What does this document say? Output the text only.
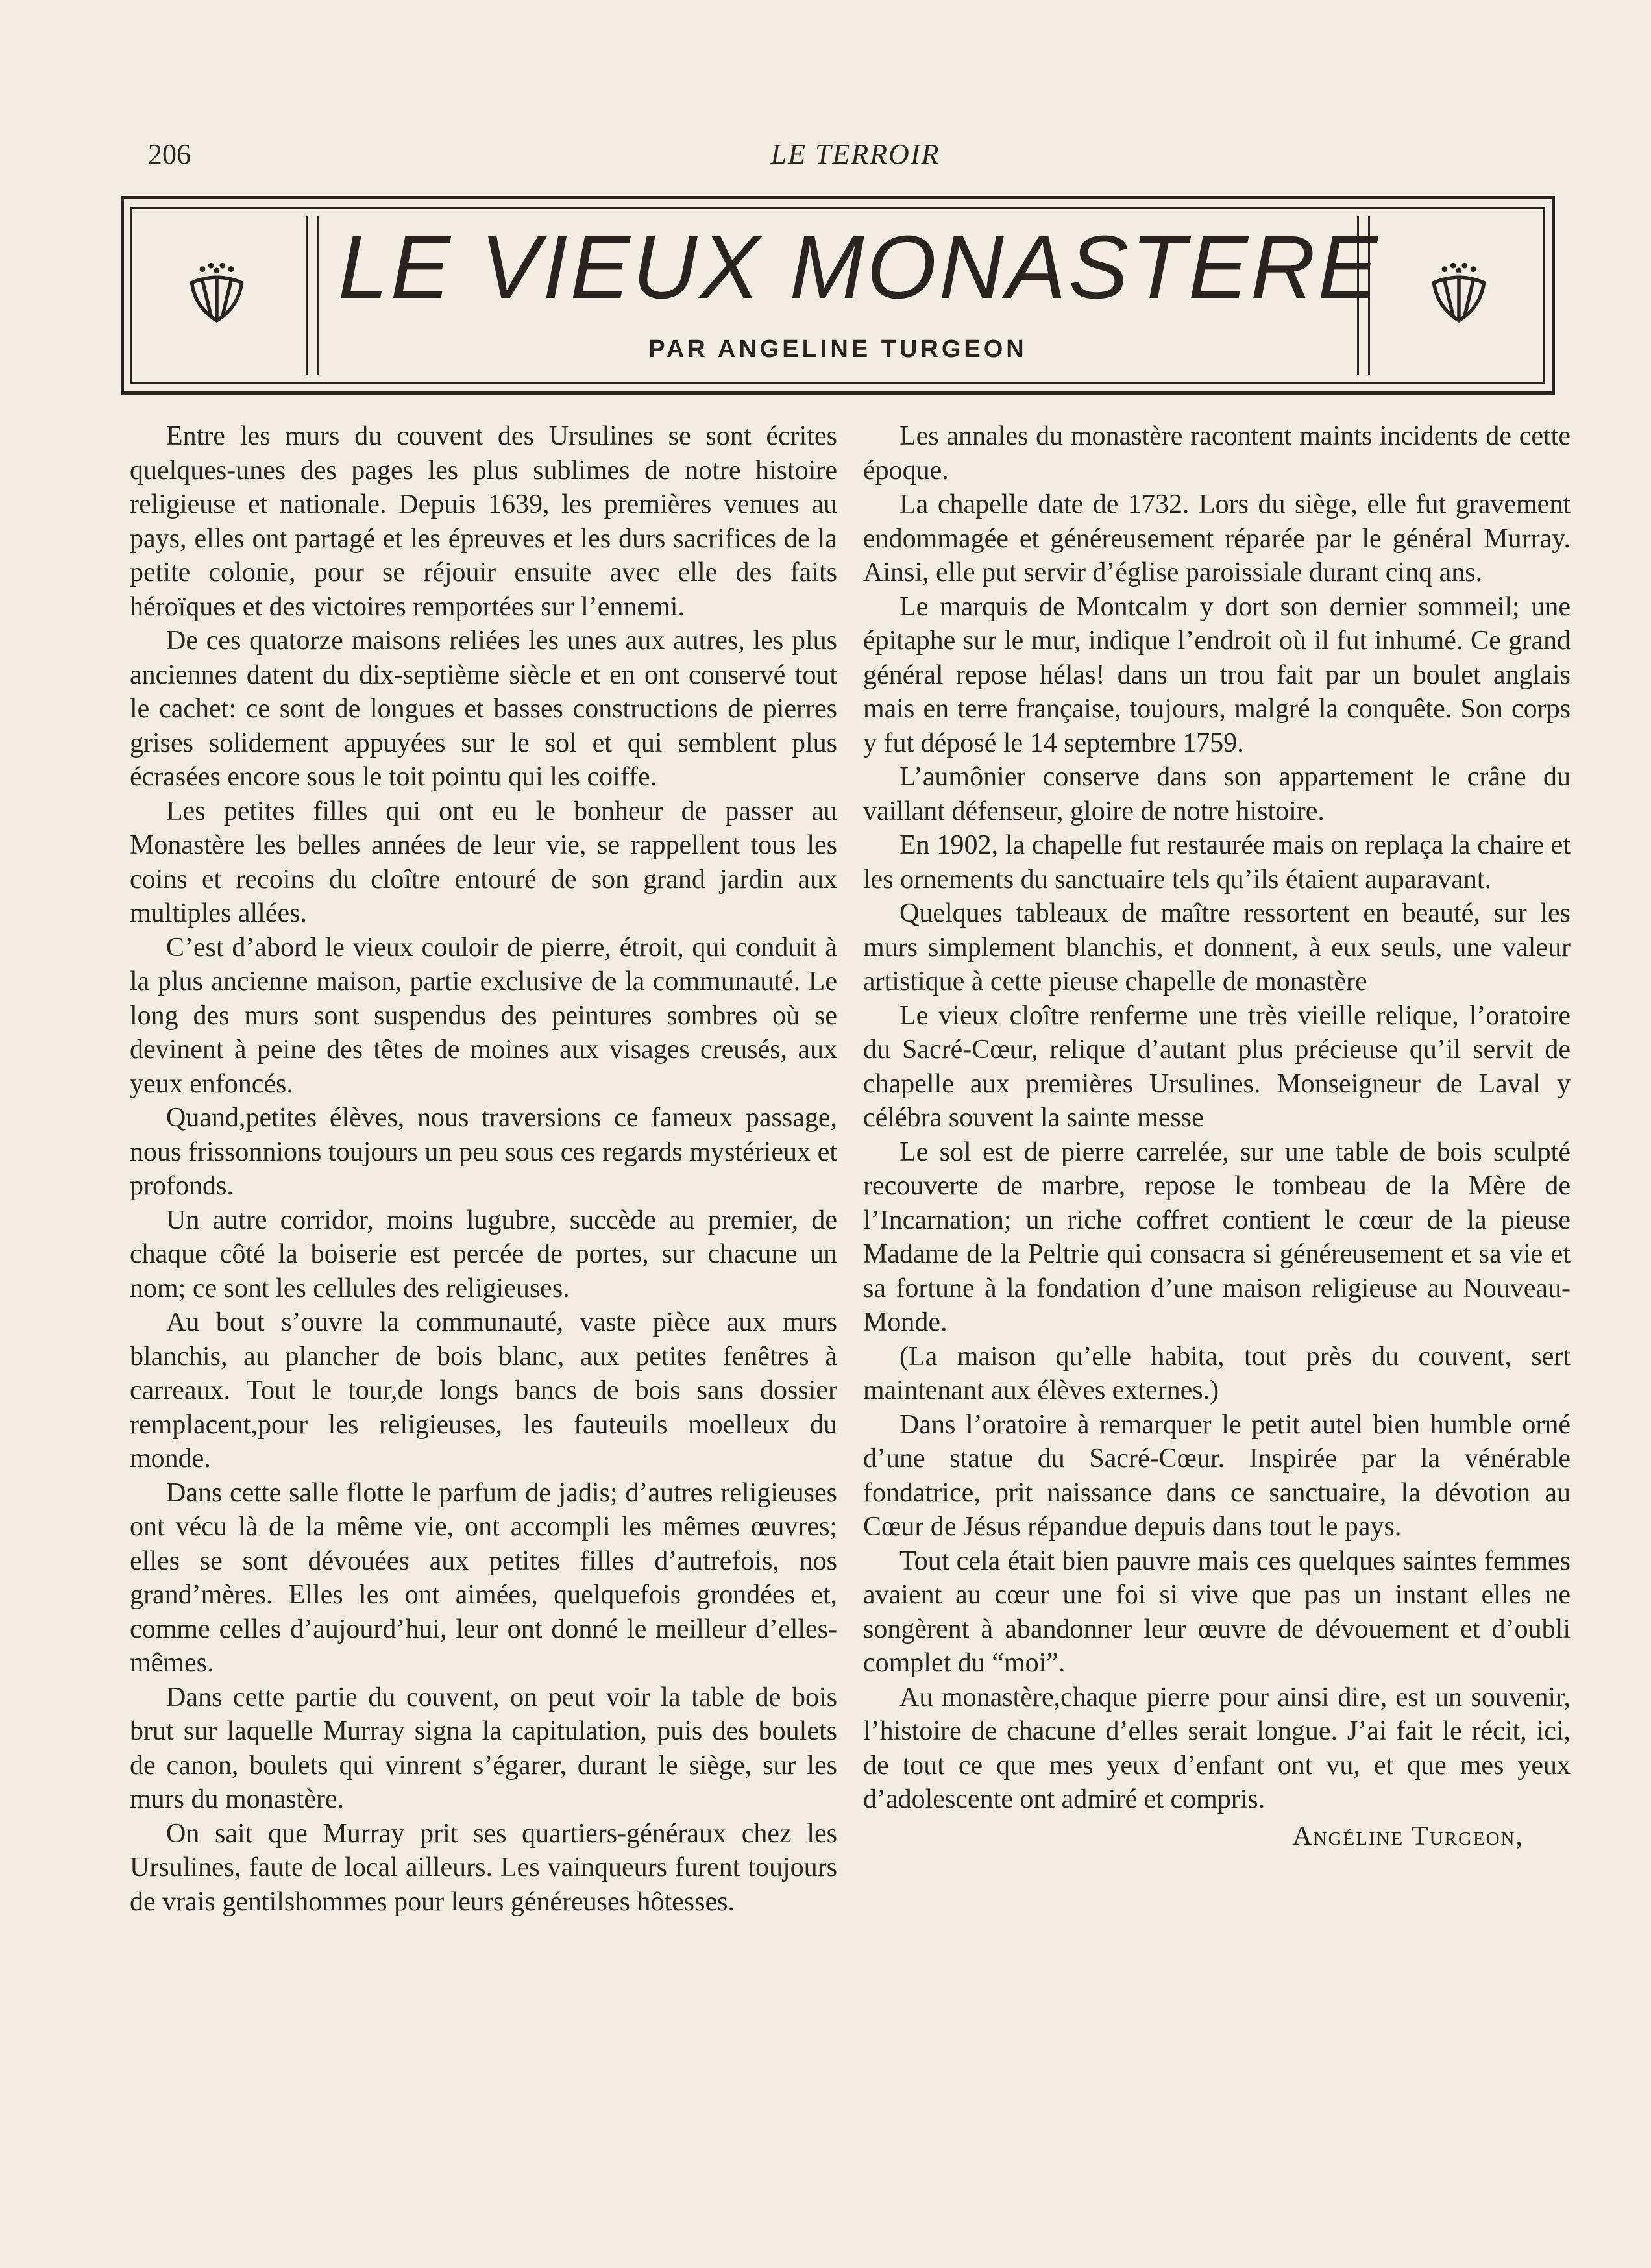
206	LE TERROIR
LE VIEUX MONASTERE
PAR ANGELINE TURGEON

Entre les murs du couvent des Ursulines se sont écrites quelques-unes des pages les plus sublimes de notre histoire religieuse et nationale. Depuis 1639, les premières venues au pays, elles ont partagé et les épreuves et les durs sacrifices de la petite colonie, pour se réjouir ensuite avec elle des faits héroïques et des victoires remportées sur l’ennemi.

De ces quatorze maisons reliées les unes aux autres, les plus anciennes datent du dix-septième siècle et en ont conservé tout le cachet: ce sont de longues et basses constructions de pierres grises solidement appuyées sur le sol et qui semblent plus écrasées encore sous le toit pointu qui les coiffe.

Les petites filles qui ont eu le bonheur de passer au Monastère les belles années de leur vie, se rappellent tous les coins et recoins du cloître entouré de son grand jardin aux multiples allées.

C’est d’abord le vieux couloir de pierre, étroit, qui conduit à la plus ancienne maison, partie exclusive de la communauté. Le long des murs sont suspendus des peintures sombres où se devinent à peine des têtes de moines aux visages creusés, aux yeux enfoncés.

Quand,petites élèves, nous traversions ce fameux passage, nous frissonnions toujours un peu sous ces regards mystérieux et profonds.

Un autre corridor, moins lugubre, succède au premier, de chaque côté la boiserie est percée de portes, sur chacune un nom; ce sont les cellules des religieuses.

Au bout s’ouvre la communauté, vaste pièce aux murs blanchis, au plancher de bois blanc, aux petites fenêtres à carreaux. Tout le tour,de longs bancs de bois sans dossier remplacent,pour les religieuses, les fauteuils moelleux du monde.

Dans cette salle flotte le parfum de jadis; d’autres religieuses ont vécu là de la même vie, ont accompli les mêmes œuvres; elles se sont dévouées aux petites filles d’autrefois, nos grand’mères. Elles les ont aimées, quelquefois grondées et, comme celles d’aujourd’hui, leur ont donné le meilleur d’elles-mêmes.

Dans cette partie du couvent, on peut voir la table de bois brut sur laquelle Murray signa la capitulation, puis des boulets de canon, boulets qui vinrent s’égarer, durant le siège, sur les murs du monastère.

On sait que Murray prit ses quartiers-généraux chez les Ursulines, faute de local ailleurs. Les vainqueurs furent toujours de vrais gentilshommes pour leurs généreuses hôtesses.

Les annales du monastère racontent maints incidents de cette époque.

La chapelle date de 1732. Lors du siège, elle fut gravement endommagée et généreusement réparée par le général Murray. Ainsi, elle put servir d’église paroissiale durant cinq ans.

Le marquis de Montcalm y dort son dernier sommeil; une épitaphe sur le mur, indique l’endroit où il fut inhumé. Ce grand général repose hélas! dans un trou fait par un boulet anglais mais en terre française, toujours, malgré la conquête. Son corps y fut déposé le 14 septembre 1759.

L’aumônier conserve dans son appartement le crâne du vaillant défenseur, gloire de notre histoire.

En 1902, la chapelle fut restaurée mais on replaça la chaire et les ornements du sanctuaire tels qu’ils étaient auparavant.

Quelques tableaux de maître ressortent en beauté, sur les murs simplement blanchis, et donnent, à eux seuls, une valeur artistique à cette pieuse chapelle de monastère

Le vieux cloître renferme une très vieille relique, l’oratoire du Sacré-Cœur, relique d’autant plus précieuse qu’il servit de chapelle aux premières Ursulines. Monseigneur de Laval y célébra souvent la sainte messe

Le sol est de pierre carrelée, sur une table de bois sculpté recouverte de marbre, repose le tombeau de la Mère de l’Incarnation; un riche coffret contient le cœur de la pieuse Madame de la Peltrie qui consacra si généreusement et sa vie et sa fortune à la fondation d’une maison religieuse au Nouveau-Monde.

(La maison qu’elle habita, tout près du couvent, sert maintenant aux élèves externes.)

Dans l’oratoire à remarquer le petit autel bien humble orné d’une statue du Sacré-Cœur. Inspirée par la vénérable fondatrice, prit naissance dans ce sanctuaire, la dévotion au Cœur de Jésus répandue depuis dans tout le pays.

Tout cela était bien pauvre mais ces quelques saintes femmes avaient au cœur une foi si vive que pas un instant elles ne songèrent à abandonner leur œuvre de dévouement et d’oubli complet du “moi”.

Au monastère,chaque pierre pour ainsi dire, est un souvenir, l’histoire de chacune d’elles serait longue. J’ai fait le récit, ici, de tout ce que mes yeux d’enfant ont vu, et que mes yeux d’adolescente ont admiré et compris.

Angéline Turgeon,
